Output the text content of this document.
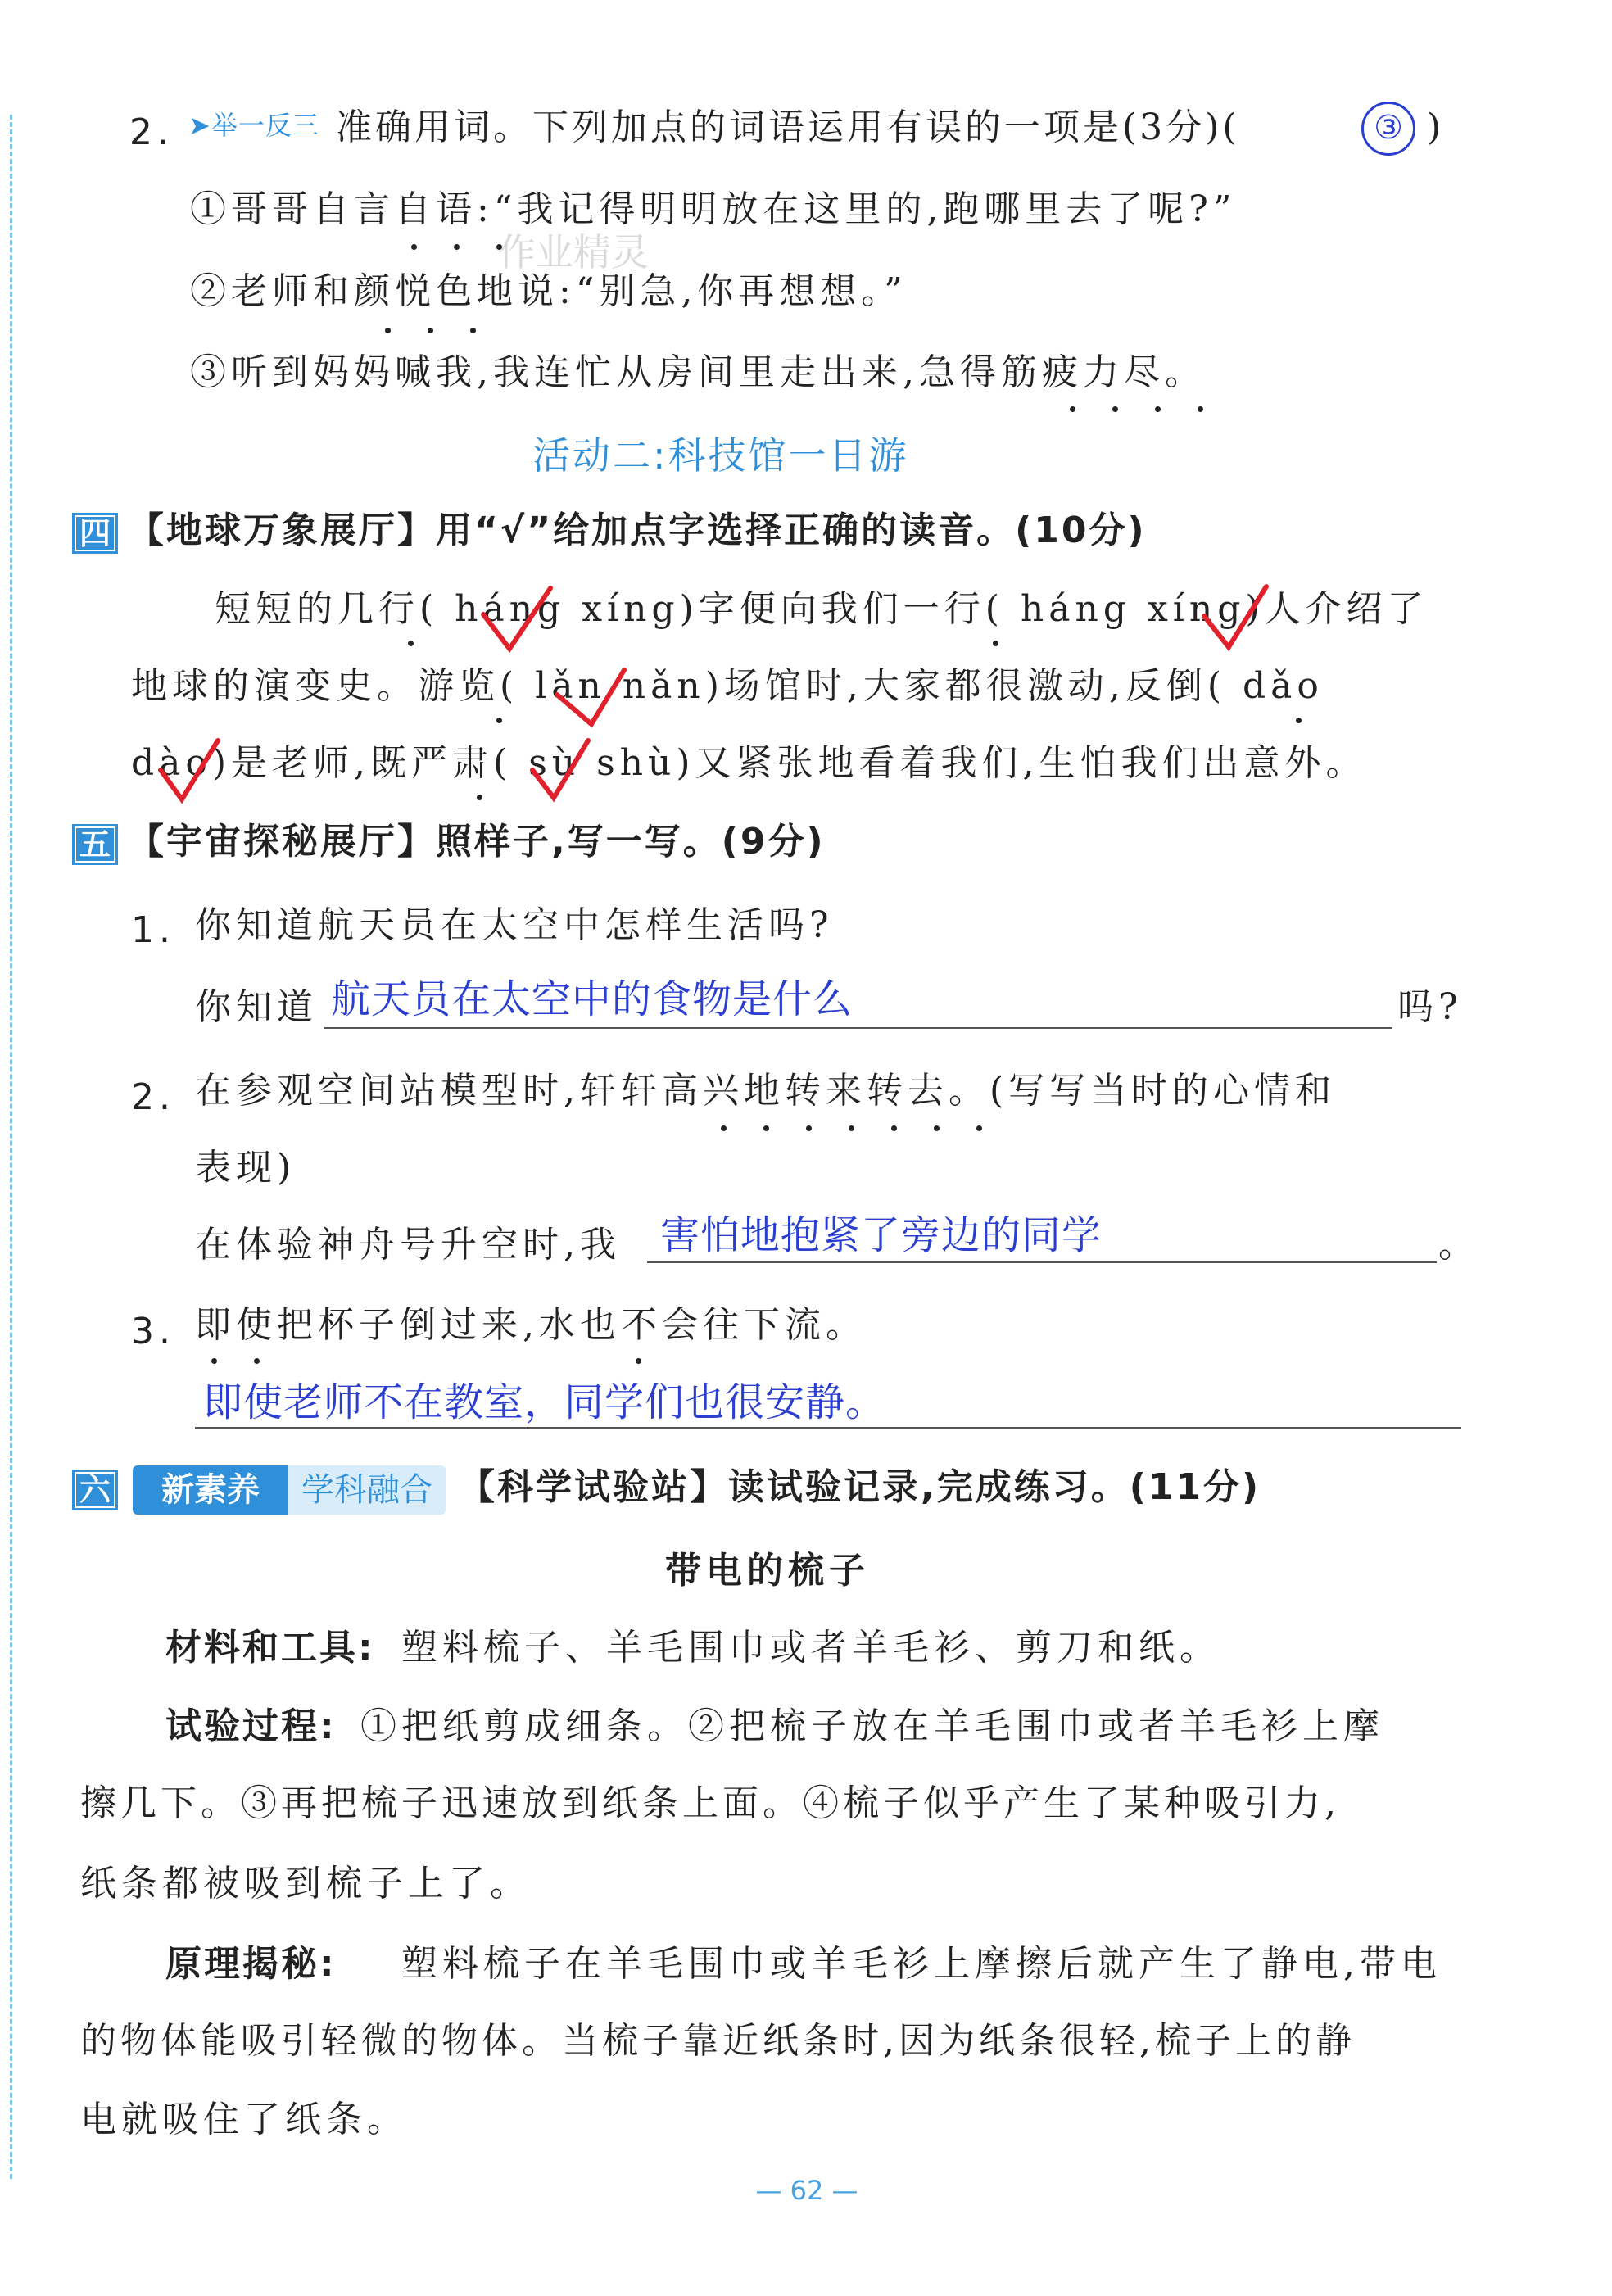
2. ➤举一反三 准确用词。下列加点的词语运用有误的一项是(3分)(	③ )
①哥哥自言自语:“我记得明明放在这里的,跑哪里去了呢?”
②老师和颜悦色地说:“别急,你再想想。”
③听到妈妈喊我,我连忙从房间里走出来,急得筋疲力尽。
活动二:科技馆一日游
四 【地球万象展厅】用“√”给加点字选择正确的读音。(10分)
短短的几行( háng xíng)字便向我们一行( háng xíng)人介绍了
地球的演变史。游览( lǎn nǎn)场馆时,大家都很激动,反倒( dǎo
dào)是老师,既严肃( sù shù)又紧张地看着我们,生怕我们出意外。
作业精灵
五 【宇宙探秘展厅】照样子,写一写。(9分)
1. 你知道航天员在太空中怎样生活吗?
你知道 航天员在太空中的食物是什么	吗?
2. 在参观空间站模型时,轩轩高兴地转来转去。(写写当时的心情和
表现)
在体验神舟号升空时,我 害怕地抱紧了旁边的同学	。
3. 即使把杯子倒过来,水也不会往下流。
即使老师不在教室，同学们也很安静。
六	新素养	学科融合 【科学试验站】读试验记录,完成练习。(11分)
带电的梳子
材料和工具: 塑料梳子、羊毛围巾或者羊毛衫、剪刀和纸。
试验过程: ①把纸剪成细条。②把梳子放在羊毛围巾或者羊毛衫上摩
擦几下。③再把梳子迅速放到纸条上面。④梳子似乎产生了某种吸引力,
纸条都被吸到梳子上了。
原理揭秘: 塑料梳子在羊毛围巾或羊毛衫上摩擦后就产生了静电,带电
的物体能吸引轻微的物体。当梳子靠近纸条时,因为纸条很轻,梳子上的静
电就吸住了纸条。
— 62 —
